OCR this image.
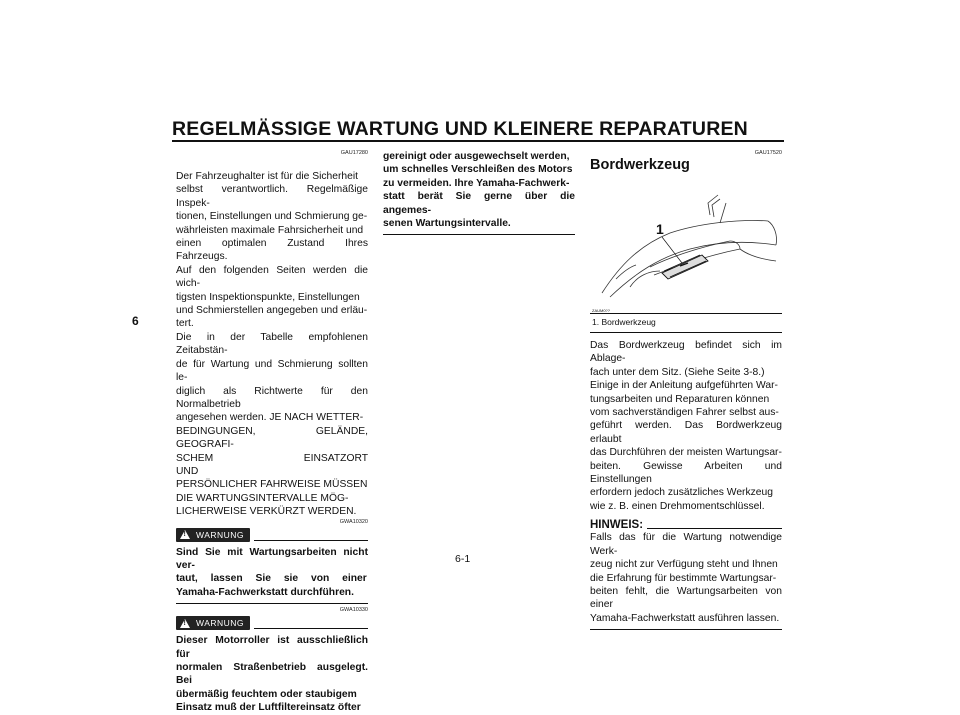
REGELMÄSSIGE WARTUNG UND KLEINERE REPARATUREN
6
GAU17280
Der Fahrzeughalter ist für die Sicherheit
selbst verantwortlich. Regelmäßige Inspek-
tionen, Einstellungen und Schmierung ge-
währleisten maximale Fahrsicherheit und
einen optimalen Zustand Ihres Fahrzeugs.
Auf den folgenden Seiten werden die wich-
tigsten Inspektionspunkte, Einstellungen
und Schmierstellen angegeben und erläu-
tert.
Die in der Tabelle empfohlenen Zeitabstän-
de für Wartung und Schmierung sollten le-
diglich als Richtwerte für den Normalbetrieb
angesehen werden. JE NACH WETTER-
BEDINGUNGEN, GELÄNDE, GEOGRAFI-
SCHEM EINSATZORT UND
PERSÖNLICHER FAHRWEISE MÜSSEN
DIE WARTUNGSINTERVALLE MÖG-
LICHERWEISE VERKÜRZT WERDEN.
GWA10320
! WARNUNG
Sind Sie mit Wartungsarbeiten nicht ver-
taut, lassen Sie sie von einer
Yamaha-Fachwerkstatt durchführen.
GWA10330
! WARNUNG
Dieser Motorroller ist ausschließlich für
normalen Straßenbetrieb ausgelegt. Bei
übermäßig feuchtem oder staubigem
Einsatz muß der Luftfiltereinsatz öfter
gereinigt oder ausgewechselt werden,
um schnelles Verschleißen des Motors
zu vermeiden. Ihre Yamaha-Fachwerk-
statt berät Sie gerne über die angemes-
senen Wartungsintervalle.
GAU17520
Bordwerkzeug
1
ZAUM0??
1. Bordwerkzeug
Das Bordwerkzeug befindet sich im Ablage-
fach unter dem Sitz. (Siehe Seite 3-8.)
Einige in der Anleitung aufgeführten War-
tungsarbeiten und Reparaturen können
vom sachverständigen Fahrer selbst aus-
geführt werden. Das Bordwerkzeug erlaubt
das Durchführen der meisten Wartungsar-
beiten. Gewisse Arbeiten und Einstellungen
erfordern jedoch zusätzliches Werkzeug
wie z. B. einen Drehmomentschlüssel.
HINWEIS:
Falls das für die Wartung notwendige Werk-
zeug nicht zur Verfügung steht und Ihnen
die Erfahrung für bestimmte Wartungsar-
beiten fehlt, die Wartungsarbeiten von einer
Yamaha-Fachwerkstatt ausführen lassen.
6-1
